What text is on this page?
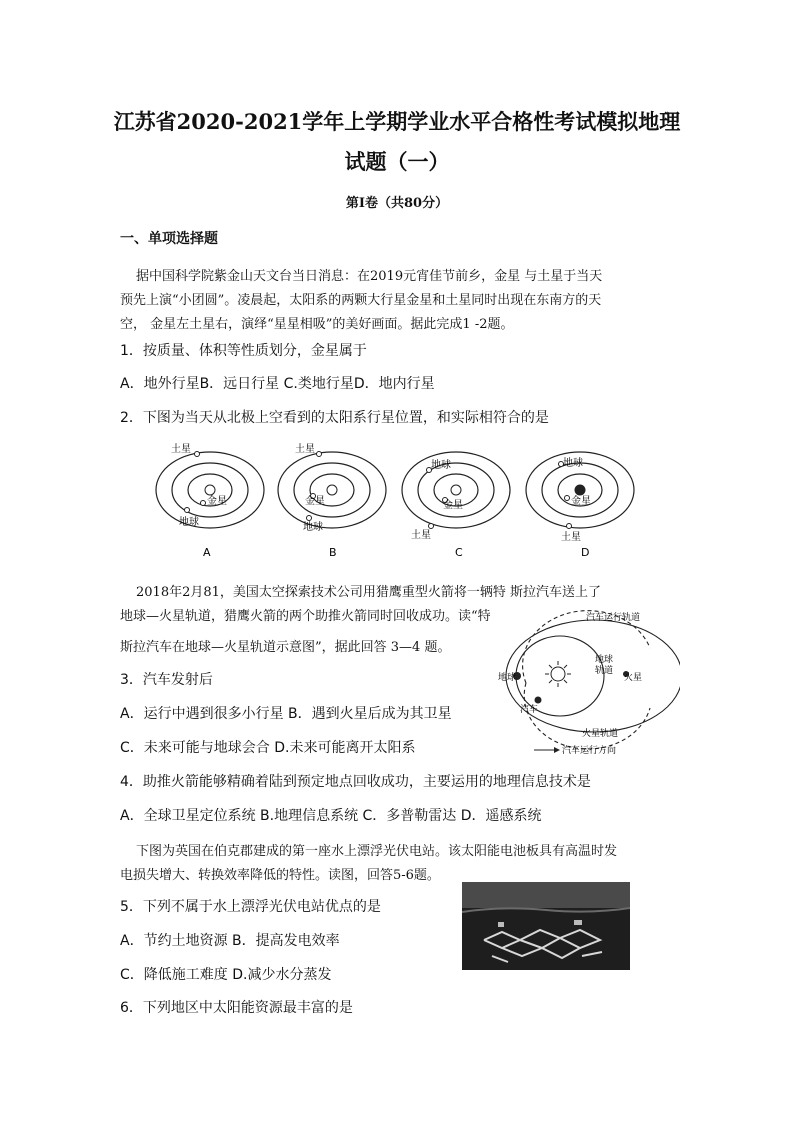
江苏省2020-2021学年上学期学业水平合格性考试模拟地理
试题（一）
第Ⅰ卷（共80分）
一、单项选择题
据中国科学院紫金山天文台当日消息：在2019元宵佳节前乡，金星 与土星于当天
预先上演“小团圆”。凌晨起，太阳系的两颗大行星金星和土星同时出现在东南方的天
空， 金星左土星右，演绎“星星相吸”的美好画面。据此完成1 -2题。
1．按质量、体积等性质划分，金星属于
A．地外行星B．远日行星 C.类地行星D．地内行星
2．下图为当天从北极上空看到的太阳系行星位置，和实际相符合的是
土星
金星
地球
A
土星
金星
地球
B
地球
金星
土星
C
地球
金星
土星
D
2018年2月81，美国太空探索技术公司用猎鹰重型火箭将一辆特 斯拉汽车送上了
地球—火星轨道，猎鹰火箭的两个助推火箭同时回收成功。读“特
斯拉汽车在地球—火星轨道示意图”，据此回答 3—4 题。
3．汽车发射后
A．运行中遇到很多小行星 B．遇到火星后成为其卫星
C．未来可能与地球会合 D.未来可能离开太阳系
汽车运行轨道
地球
轨道
火星
地球
汽车
火星轨道
汽车运行方向
4．助推火箭能够精确着陆到预定地点回收成功，主要运用的地理信息技术是
A．全球卫星定位系统 B.地理信息系统 C．多普勒雷达 D．遥感系统
下图为英国在伯克郡建成的第一座水上漂浮光伏电站。该太阳能电池板具有高温时发
电损失增大、转换效率降低的特性。读图，回答5-6题。
5．下列不属于水上漂浮光伏电站优点的是
A．节约土地资源 B．提高发电效率
C．降低施工难度 D.减少水分蒸发
6．下列地区中太阳能资源最丰富的是
